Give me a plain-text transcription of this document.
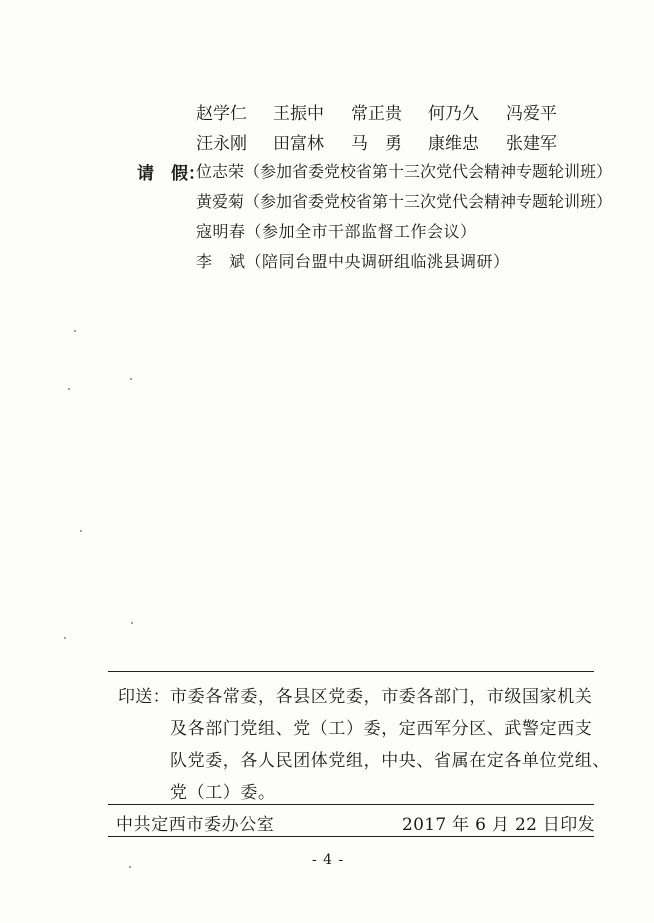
赵学仁 王振中 常正贵 何乃久 冯爱平
汪永刚 田富林 马　勇 康维忠 张建军
请　假：
位志荣（参加省委党校省第十三次党代会精神专题轮训班）
黄爱菊（参加省委党校省第十三次党代会精神专题轮训班）
寇明春（参加全市干部监督工作会议）
李　斌（陪同台盟中央调研组临洮县调研）
印送： 市委各常委，各县区党委，市委各部门，市级国家机关
及各部门党组、党（工）委，定西军分区、武警定西支
队党委，各人民团体党组，中央、省属在定各单位党组、
党（工）委。
中共定西市委办公室	2017 年 6 月 22 日印发
- 4 -
